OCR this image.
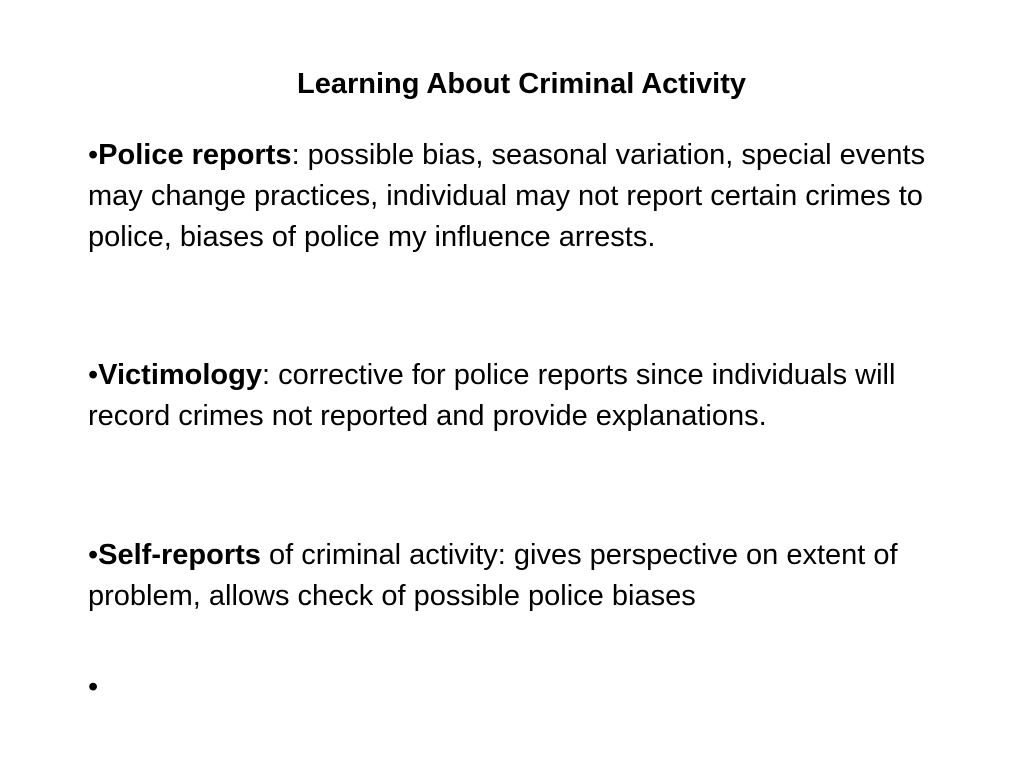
Learning About Criminal Activity
•Police reports: possible bias, seasonal variation, special events may change practices, individual may not report certain crimes to police, biases of police my influence arrests.
•Victimology: corrective for police reports since individuals will record crimes not reported and provide explanations.
•Self-reports of criminal activity: gives perspective on extent of problem, allows check of possible police biases
•
